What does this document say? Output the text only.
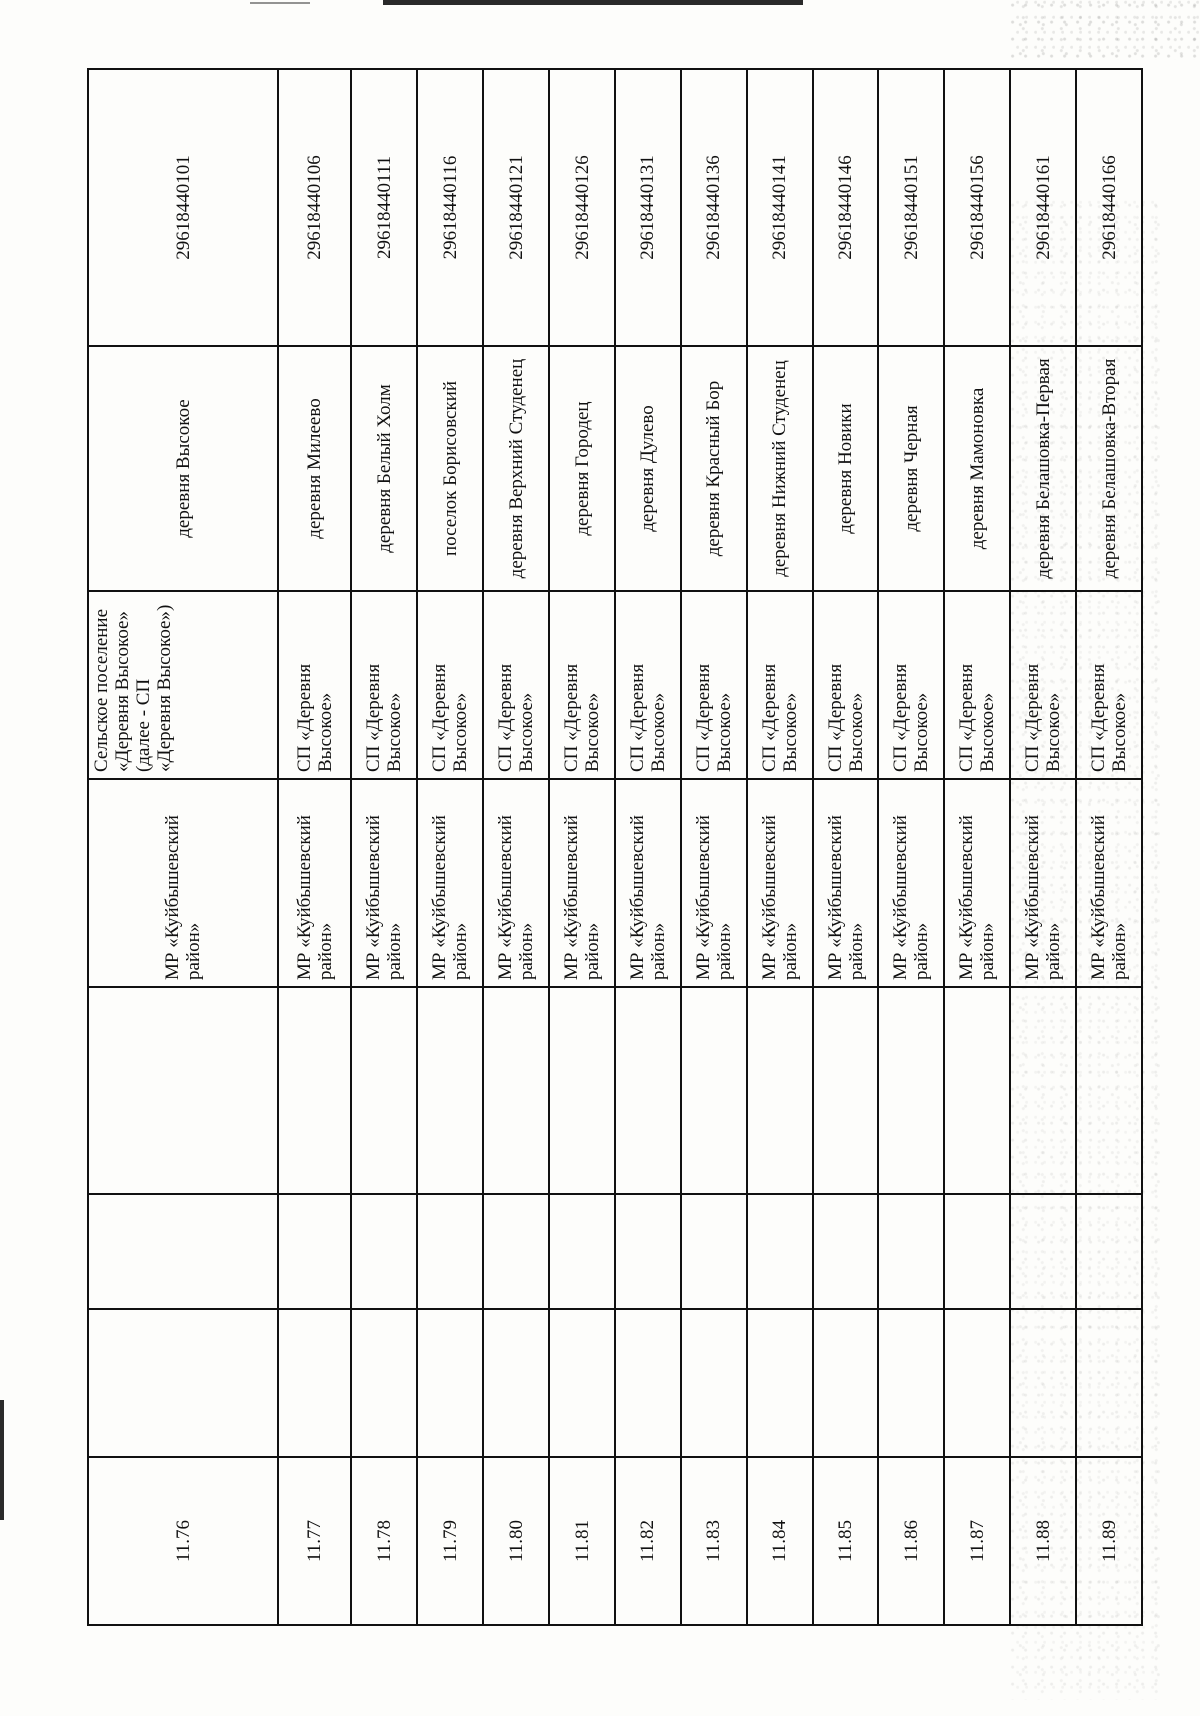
11.76				МР «Куйбышевский район»	Сельское поселение «Деревня Высокое» (далее - СП «Деревня Высокое»)	деревня Высокое	29618440101
11.77				МР «Куйбышевский район»	СП «Деревня Высокое»	деревня Милеево	29618440106
11.78				МР «Куйбышевский район»	СП «Деревня Высокое»	деревня Белый Холм	29618440111
11.79				МР «Куйбышевский район»	СП «Деревня Высокое»	поселок Борисовский	29618440116
11.80				МР «Куйбышевский район»	СП «Деревня Высокое»	деревня Верхний Студенец	29618440121
11.81				МР «Куйбышевский район»	СП «Деревня Высокое»	деревня Городец	29618440126
11.82				МР «Куйбышевский район»	СП «Деревня Высокое»	деревня Дулево	29618440131
11.83				МР «Куйбышевский район»	СП «Деревня Высокое»	деревня Красный Бор	29618440136
11.84				МР «Куйбышевский район»	СП «Деревня Высокое»	деревня Нижний Студенец	29618440141
11.85				МР «Куйбышевский район»	СП «Деревня Высокое»	деревня Новики	29618440146
11.86				МР «Куйбышевский район»	СП «Деревня Высокое»	деревня Черная	29618440151
11.87				МР «Куйбышевский район»	СП «Деревня Высокое»	деревня Мамоновка	29618440156
11.88				МР «Куйбышевский район»	СП «Деревня Высокое»	деревня Белашовка-Первая	29618440161
11.89				МР «Куйбышевский район»	СП «Деревня Высокое»	деревня Белашовка-Вторая	29618440166
